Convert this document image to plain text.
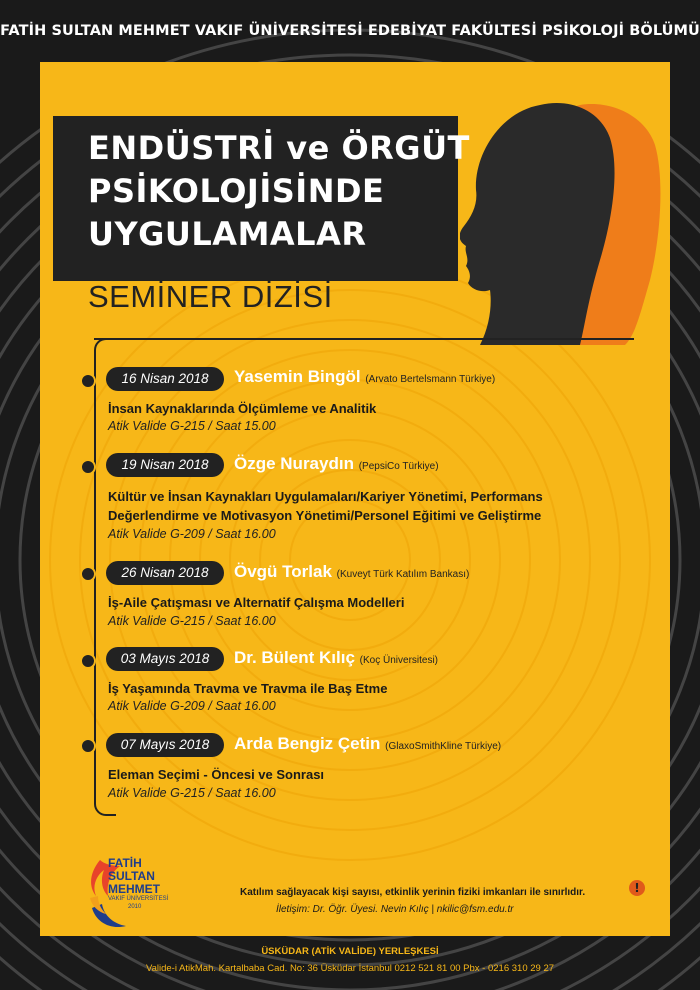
FATİH SULTAN MEHMET VAKIF ÜNİVERSİTESİ EDEBİYAT FAKÜLTESİ PSİKOLOJİ BÖLÜMÜ
ENDÜSTRİ ve ÖRGÜT
PSİKOLOJİSİNDE
UYGULAMALAR
SEMİNER DİZİSİ
16 Nisan 2018	Yasemin Bingöl (Arvato Bertelsmann Türkiye)
İnsan Kaynaklarında Ölçümleme ve Analitik
Atik Valide G-215 / Saat 15.00
19 Nisan 2018	Özge Nuraydın (PepsiCo Türkiye)
Kültür ve İnsan Kaynakları Uygulamaları/Kariyer Yönetimi, Performans
Değerlendirme ve Motivasyon Yönetimi/Personel Eğitimi ve Geliştirme
Atik Valide G-209 / Saat 16.00
26 Nisan 2018	Övgü Torlak (Kuveyt Türk Katılım Bankası)
İş-Aile Çatışması ve Alternatif Çalışma Modelleri
Atik Valide G-215 / Saat 16.00
03 Mayıs 2018	Dr. Bülent Kılıç (Koç Üniversitesi)
İş Yaşamında Travma ve Travma ile Baş Etme
Atik Valide G-209 / Saat 16.00
07 Mayıs 2018	Arda Bengiz Çetin (GlaxoSmithKline Türkiye)
Eleman Seçimi - Öncesi ve Sonrası
Atik Valide G-215 / Saat 16.00
FATİH
SULTAN
MEHMET
VAKIF ÜNİVERSİTESİ
2010
Katılım sağlayacak kişi sayısı, etkinlik yerinin fiziki imkanları ile sınırlıdır.
İletişim: Dr. Öğr. Üyesi. Nevin Kılıç | nkilic@fsm.edu.tr
!
ÜSKÜDAR (ATİK VALİDE) YERLEŞKESİ
Valide-i AtikMah. Kartalbaba Cad. No: 36 Üsküdar İstanbul 0212 521 81 00 Pbx - 0216 310 29 27
